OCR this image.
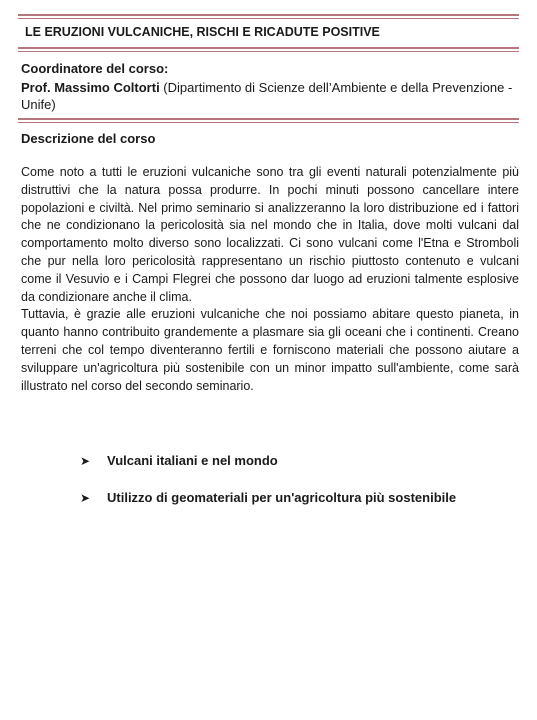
LE ERUZIONI VULCANICHE, RISCHI E RICADUTE POSITIVE
Coordinatore del corso:
Prof. Massimo Coltorti (Dipartimento di Scienze dell’Ambiente e della Prevenzione - Unife)
Descrizione del corso

Come noto a tutti le eruzioni vulcaniche sono tra gli eventi naturali potenzialmente più distruttivi che la natura possa produrre. In pochi minuti possono cancellare intere popolazioni e civiltà. Nel primo seminario si analizzeranno la loro distribuzione ed i fattori che ne condizionano la pericolosità sia nel mondo che in Italia, dove molti vulcani dal comportamento molto diverso sono localizzati. Ci sono vulcani come l'Etna e Stromboli che pur nella loro pericolosità rappresentano un rischio piuttosto contenuto e vulcani come il Vesuvio e i Campi Flegrei che possono dar luogo ad eruzioni talmente esplosive da condizionare anche il clima.

Tuttavia, è grazie alle eruzioni vulcaniche che noi possiamo abitare questo pianeta, in quanto hanno contribuito grandemente a plasmare sia gli oceani che i continenti. Creano terreni che col tempo diventeranno fertili e forniscono materiali che possono aiutare a sviluppare un'agricoltura più sostenibile con un minor impatto sull'ambiente, come sarà illustrato nel corso del secondo seminario.

➤	Vulcani italiani e nel mondo
➤	Utilizzo di geomateriali per un'agricoltura più sostenibile
